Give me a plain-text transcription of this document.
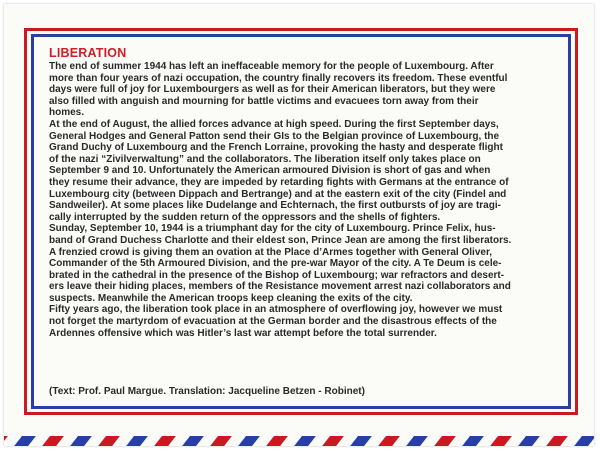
LIBERATION

The end of summer 1944 has left an ineffaceable memory for the people of Luxembourg. After
more than four years of nazi occupation, the country finally recovers its freedom. These eventful
days were full of joy for Luxembourgers as well as for their American liberators, but they were
also filled with anguish and mourning for battle victims and evacuees torn away from their
homes.

At the end of August, the allied forces advance at high speed. During the first September days,
General Hodges and General Patton send their GIs to the Belgian province of Luxembourg, the
Grand Duchy of Luxembourg and the French Lorraine, provoking the hasty and desperate flight
of the nazi “Zivilverwaltung” and the collaborators. The liberation itself only takes place on
September 9 and 10. Unfortunately the American armoured Division is short of gas and when
they resume their advance, they are impeded by retarding fights with Germans at the entrance of
Luxembourg city (between Dippach and Bertrange) and at the eastern exit of the city (Findel and
Sandweiler). At some places like Dudelange and Echternach, the first outbursts of joy are tragi-
cally interrupted by the sudden return of the oppressors and the shells of fighters.

Sunday, September 10, 1944 is a triumphant day for the city of Luxembourg. Prince Felix, hus-
band of Grand Duchess Charlotte and their eldest son, Prince Jean are among the first liberators.
A frenzied crowd is giving them an ovation at the Place d’Armes together with General Oliver,
Commander of the 5th Armoured Division, and the pre-war Mayor of the city. A Te Deum is cele-
brated in the cathedral in the presence of the Bishop of Luxembourg; war refractors and desert-
ers leave their hiding places, members of the Resistance movement arrest nazi collaborators and
suspects. Meanwhile the American troops keep cleaning the exits of the city.

Fifty years ago, the liberation took place in an atmosphere of overflowing joy, however we must
not forget the martyrdom of evacuation at the German border and the disastrous effects of the
Ardennes offensive which was Hitler’s last war attempt before the total surrender.

(Text: Prof. Paul Margue. Translation: Jacqueline Betzen - Robinet)
